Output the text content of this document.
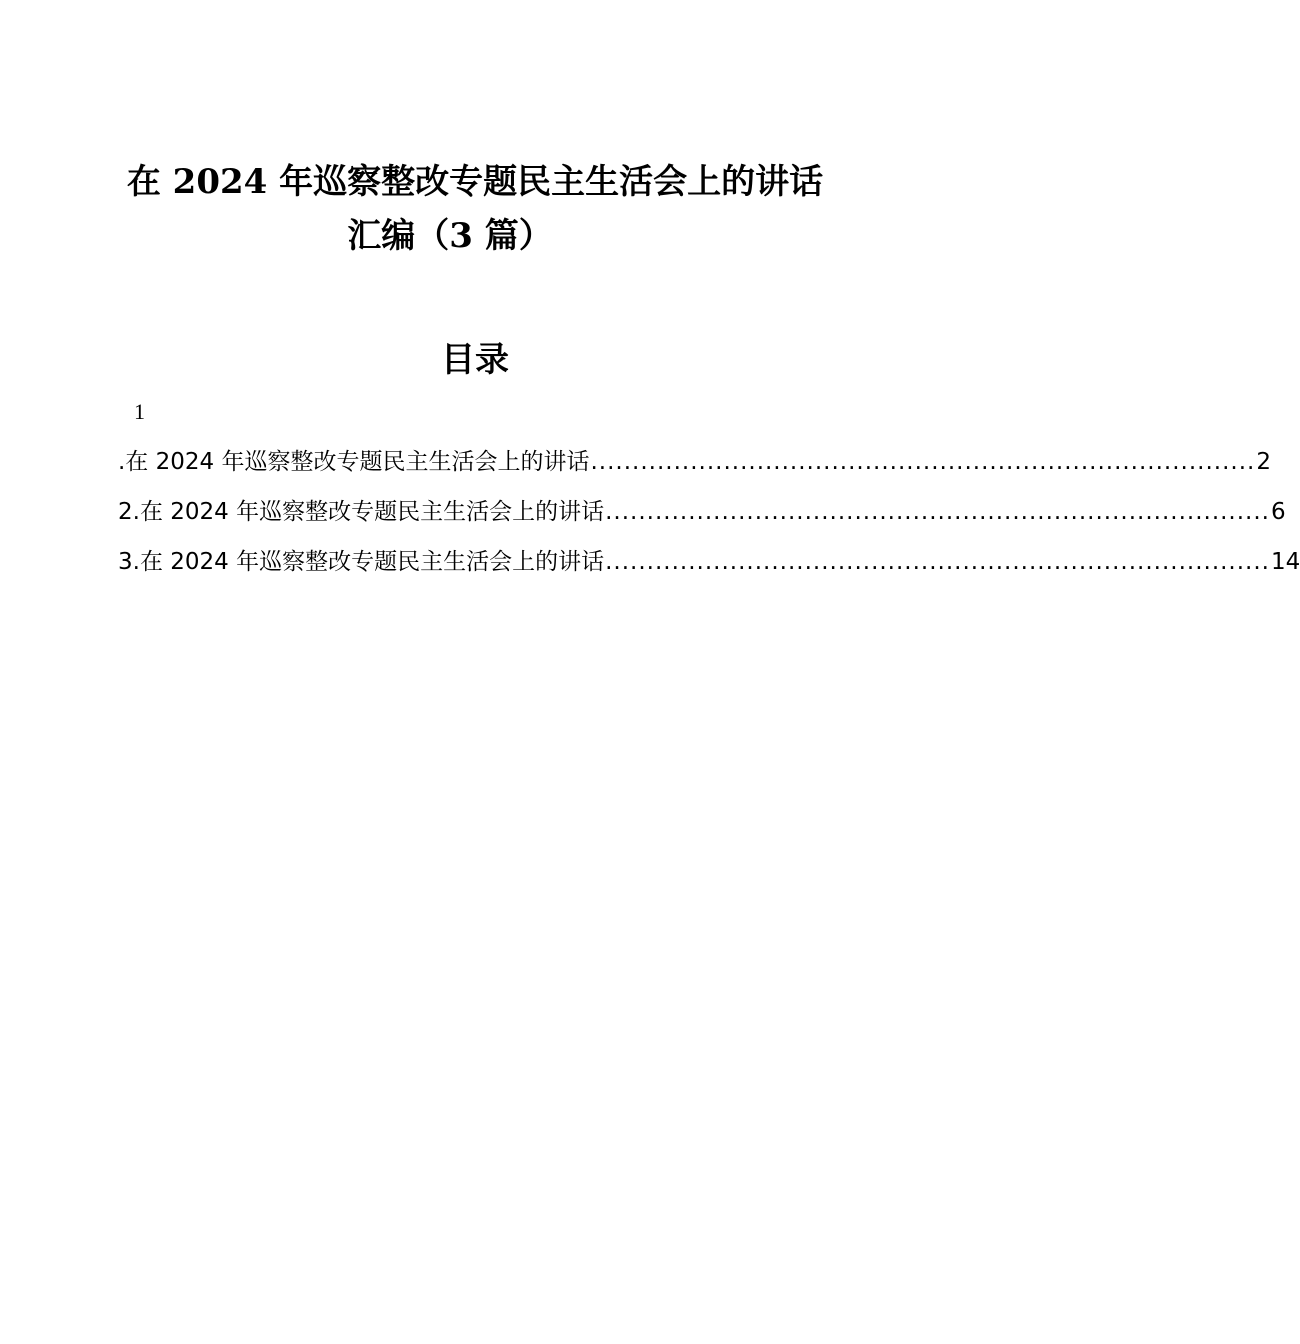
在 2024 年巡察整改专题民主生活会上的讲话
汇编（3 篇）
目录
1
.在 2024 年巡察整改专题民主生活会上的讲话 ................................................................................ 2
2.在 2024 年巡察整改专题民主生活会上的讲话 ................................................................................ 6
3.在 2024 年巡察整改专题民主生活会上的讲话 ................................................................................ 14
